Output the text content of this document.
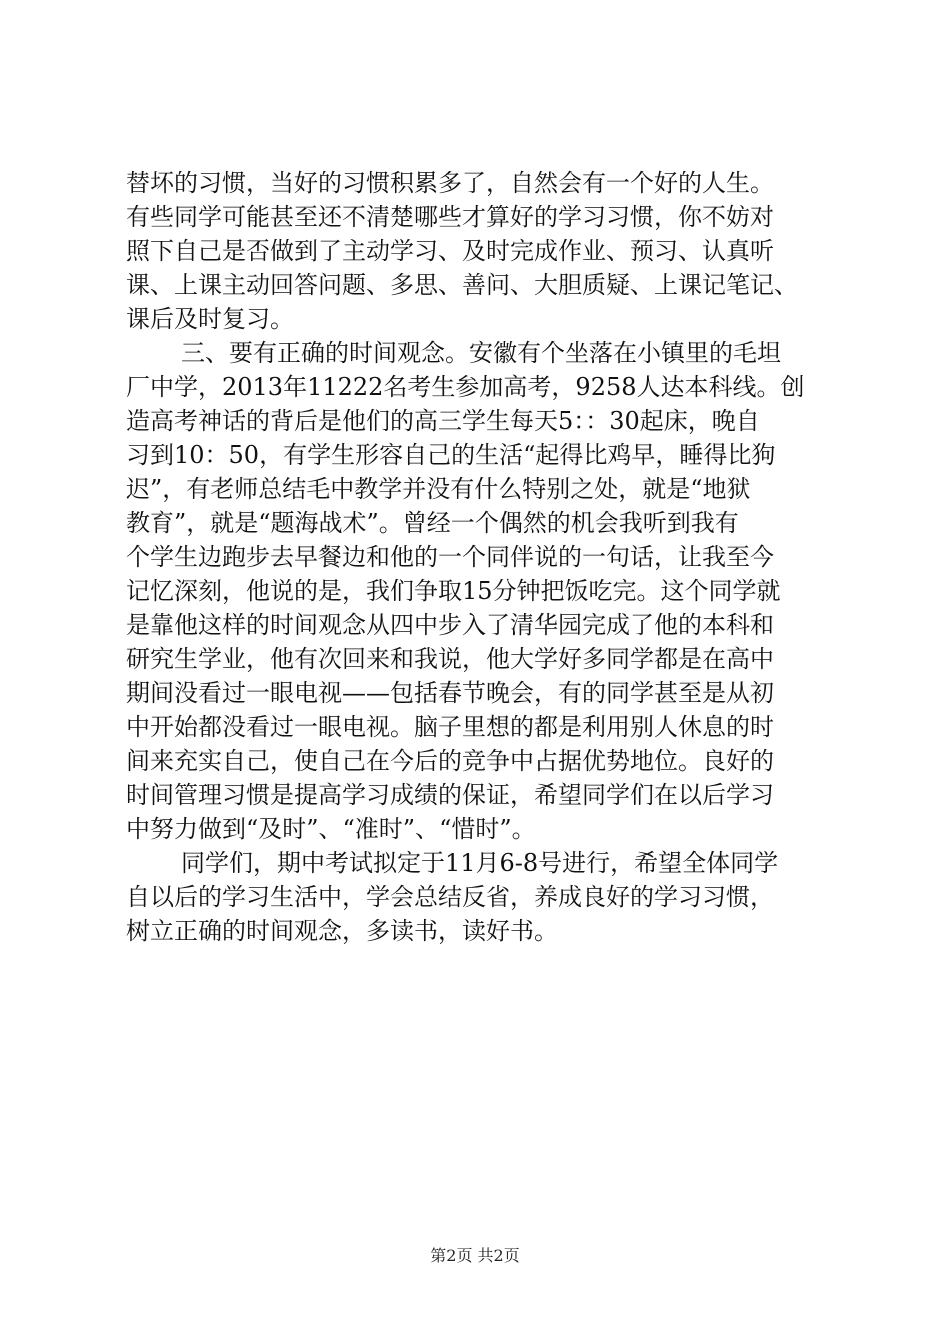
替坏的习惯，当好的习惯积累多了，自然会有一个好的人生。
有些同学可能甚至还不清楚哪些才算好的学习习惯，你不妨对
照下自己是否做到了主动学习、及时完成作业、预习、认真听
课、上课主动回答问题、多思、善问、大胆质疑、上课记笔记、
课后及时复习。
三、要有正确的时间观念。安徽有个坐落在小镇里的毛坦
厂中学，2013年11222名考生参加高考，9258人达本科线。创
造高考神话的背后是他们的高三学生每天5：：30起床，晚自
习到10：50，有学生形容自己的生活“起得比鸡早，睡得比狗
迟”，有老师总结毛中教学并没有什么特别之处，就是“地狱
教育”，就是“题海战术”。曾经一个偶然的机会我听到我有
个学生边跑步去早餐边和他的一个同伴说的一句话，让我至今
记忆深刻，他说的是，我们争取15分钟把饭吃完。这个同学就
是靠他这样的时间观念从四中步入了清华园完成了他的本科和
研究生学业，他有次回来和我说，他大学好多同学都是在高中
期间没看过一眼电视——包括春节晚会，有的同学甚至是从初
中开始都没看过一眼电视。脑子里想的都是利用别人休息的时
间来充实自己，使自己在今后的竞争中占据优势地位。良好的
时间管理习惯是提高学习成绩的保证，希望同学们在以后学习
中努力做到“及时”、“准时”、“惜时”。
同学们，期中考试拟定于11月6-8号进行，希望全体同学
自以后的学习生活中，学会总结反省，养成良好的学习习惯，
树立正确的时间观念，多读书，读好书。
第2页 共2页
